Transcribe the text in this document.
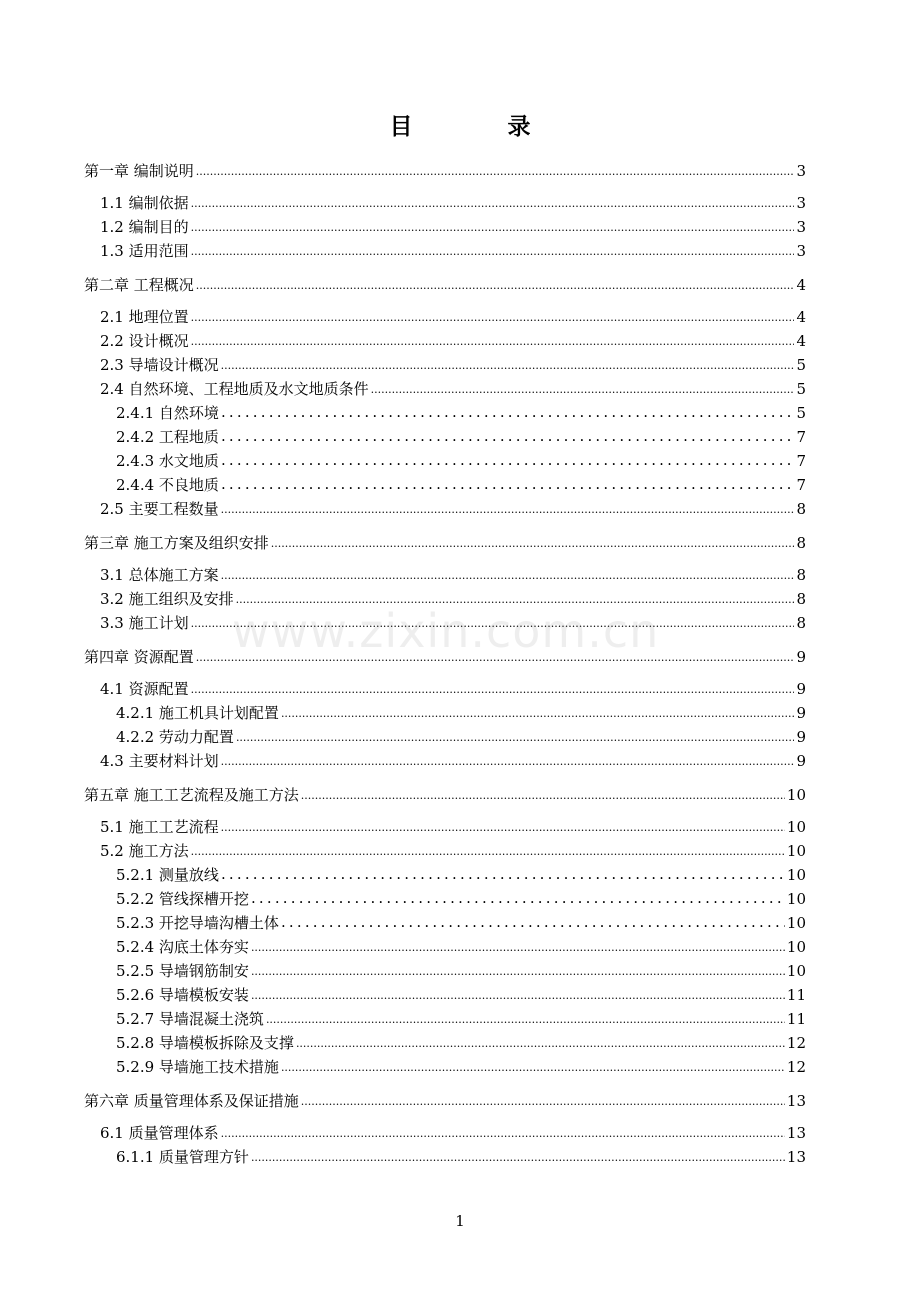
目　录
第一章 编制说明 .....	3
1.1 编制依据 .....	3
1.2 编制目的 .....	3
1.3 适用范围 .....	3
第二章 工程概况 .....	4
2.1 地理位置 .....	4
2.2 设计概况 .....	4
2.3 导墙设计概况 .....	5
2.4 自然环境、工程地质及水文地质条件 .....	5
2.4.1 自然环境 .....	5
2.4.2 工程地质 .....	7
2.4.3 水文地质 .....	7
2.4.4 不良地质 .....	7
2.5 主要工程数量 .....	8
第三章 施工方案及组织安排 .....	8
3.1 总体施工方案 .....	8
3.2 施工组织及安排 .....	8
3.3 施工计划 .....	8
第四章 资源配置 .....	9
4.1 资源配置 .....	9
4.2.1 施工机具计划配置 .....	9
4.2.2 劳动力配置 .....	9
4.3 主要材料计划 .....	9
第五章 施工工艺流程及施工方法 .....	10
5.1 施工工艺流程 .....	10
5.2 施工方法 .....	10
5.2.1 测量放线 .....	10
5.2.2 管线探槽开挖 .....	10
5.2.3 开挖导墙沟槽土体 .....	10
5.2.4 沟底土体夯实 .....	10
5.2.5 导墙钢筋制安 .....	10
5.2.6 导墙模板安装 .....	11
5.2.7 导墙混凝土浇筑 .....	11
5.2.8 导墙模板拆除及支撑 .....	12
5.2.9 导墙施工技术措施 .....	12
第六章 质量管理体系及保证措施 .....	13
6.1 质量管理体系 .....	13
6.1.1 质量管理方针 .....	13
www.zixin.com.cn
1
